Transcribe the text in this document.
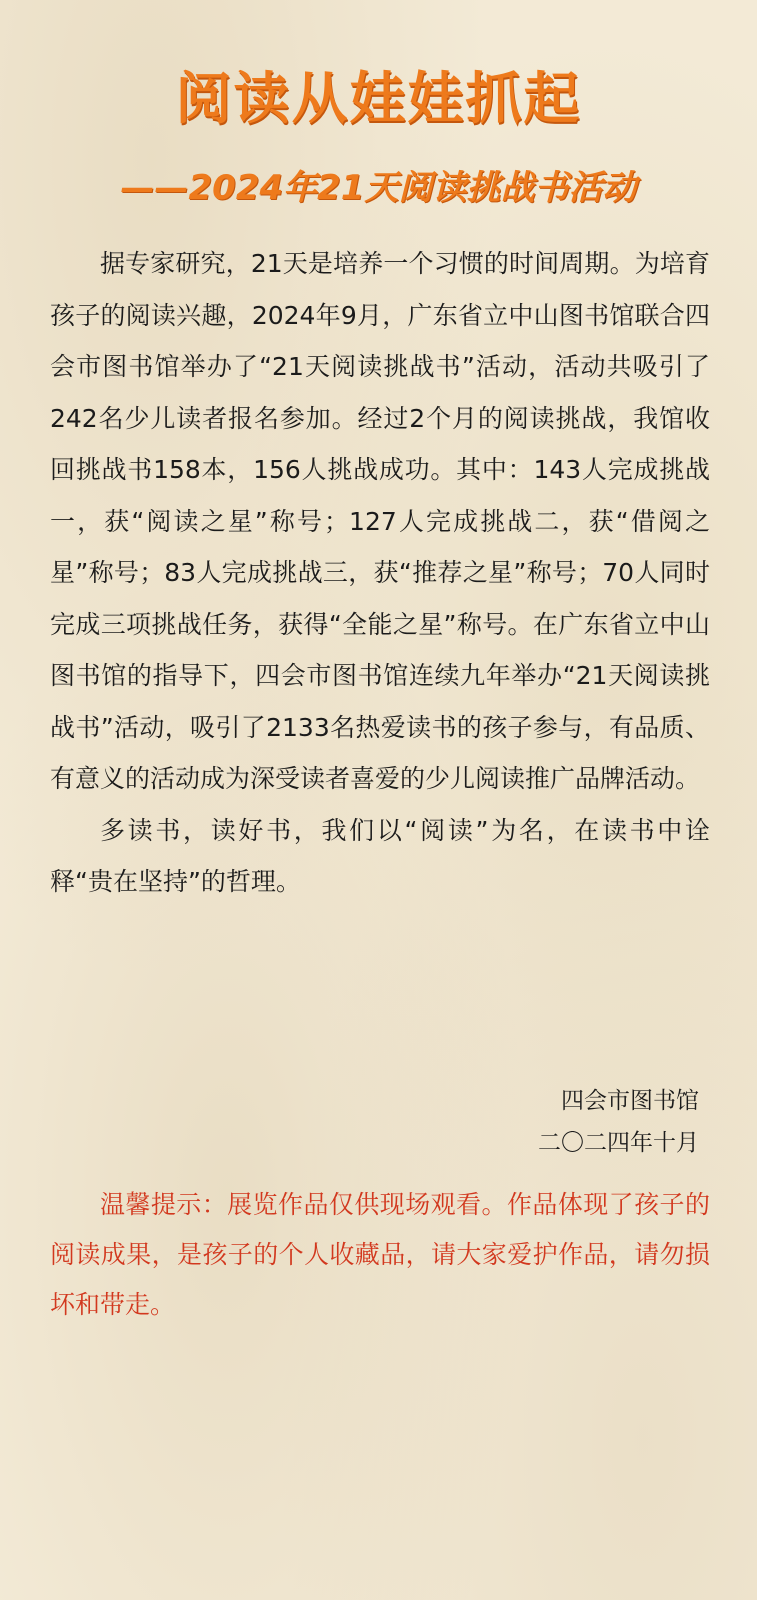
阅读从娃娃抓起
——2024年21天阅读挑战书活动

据专家研究，21天是培养一个习惯的时间周期。为培育孩子的阅读兴趣，2024年9月，广东省立中山图书馆联合四会市图书馆举办了“21天阅读挑战书”活动，活动共吸引了242名少儿读者报名参加。经过2个月的阅读挑战，我馆收回挑战书158本，156人挑战成功。其中：143人完成挑战一，获“阅读之星”称号；127人完成挑战二，获“借阅之星”称号；83人完成挑战三，获“推荐之星”称号；70人同时完成三项挑战任务，获得“全能之星”称号。在广东省立中山图书馆的指导下，四会市图书馆连续九年举办“21天阅读挑战书”活动，吸引了2133名热爱读书的孩子参与，有品质、有意义的活动成为深受读者喜爱的少儿阅读推广品牌活动。

多读书，读好书，我们以“阅读”为名，在读书中诠释“贵在坚持”的哲理。

四会市图书馆
二〇二四年十月
温馨提示：展览作品仅供现场观看。作品体现了孩子的阅读成果，是孩子的个人收藏品，请大家爱护作品，请勿损坏和带走。
